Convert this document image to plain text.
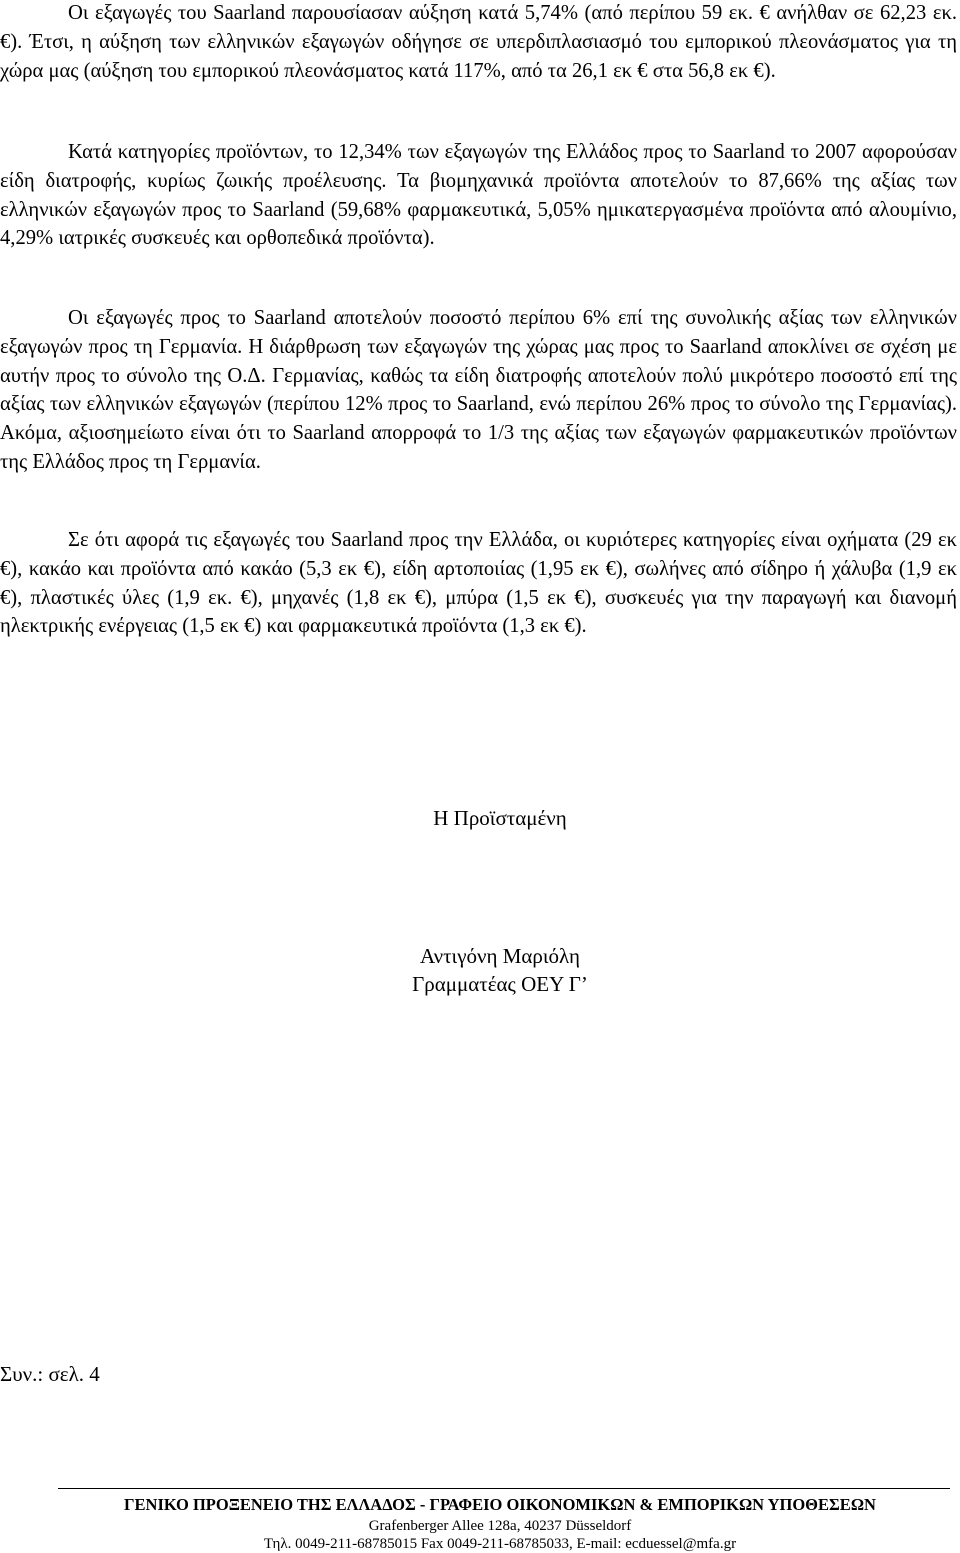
Οι εξαγωγές του Saarland παρουσίασαν αύξηση κατά 5,74% (από περίπου 59 εκ. € ανήλθαν σε 62,23 εκ. €). Έτσι, η αύξηση των ελληνικών εξαγωγών οδήγησε σε υπερδιπλασιασμό του εμπορικού πλεονάσματος για τη χώρα μας (αύξηση του εμπορικού πλεονάσματος κατά 117%, από τα 26,1 εκ € στα 56,8 εκ €).

Κατά κατηγορίες προϊόντων, το 12,34% των εξαγωγών της Ελλάδος προς το Saarland το 2007 αφορούσαν είδη διατροφής, κυρίως ζωικής προέλευσης. Τα βιομηχανικά προϊόντα αποτελούν το 87,66% της αξίας των ελληνικών εξαγωγών προς το Saarland (59,68% φαρμακευτικά, 5,05% ημικατεργασμένα προϊόντα από αλουμίνιο, 4,29% ιατρικές συσκευές και ορθοπεδικά προϊόντα).

Οι εξαγωγές προς το Saarland αποτελούν ποσοστό περίπου 6% επί της συνολικής αξίας των ελληνικών εξαγωγών προς τη Γερμανία. Η διάρθρωση των εξαγωγών της χώρας μας προς το Saarland αποκλίνει σε σχέση με αυτήν προς το σύνολο της Ο.Δ. Γερμανίας, καθώς τα είδη διατροφής αποτελούν πολύ μικρότερο ποσοστό επί της αξίας των ελληνικών εξαγωγών (περίπου 12% προς το Saarland, ενώ περίπου 26% προς το σύνολο της Γερμανίας). Ακόμα, αξιοσημείωτο είναι ότι το Saarland απορροφά το 1/3 της αξίας των εξαγωγών φαρμακευτικών προϊόντων της Ελλάδος προς τη Γερμανία.

Σε ότι αφορά τις εξαγωγές του Saarland προς την Ελλάδα, οι κυριότερες κατηγορίες είναι οχήματα (29 εκ €), κακάο και προϊόντα από κακάο (5,3 εκ €), είδη αρτοποιίας (1,95 εκ €), σωλήνες από σίδηρο ή χάλυβα (1,9 εκ €), πλαστικές ύλες (1,9 εκ. €), μηχανές (1,8 εκ €), μπύρα (1,5 εκ €), συσκευές για την παραγωγή και διανομή ηλεκτρικής ενέργειας (1,5 εκ €) και φαρμακευτικά προϊόντα (1,3 εκ €).

Η Προϊσταμένη

Αντιγόνη Μαριόλη

Γραμματέας ΟΕΥ Γ’

Συν.: σελ. 4

ΓΕΝΙΚΟ ΠΡΟΞΕΝΕΙΟ ΤΗΣ ΕΛΛΑΔΟΣ - ΓΡΑΦΕΙΟ ΟΙΚΟΝΟΜΙΚΩΝ & ΕΜΠΟΡΙΚΩΝ ΥΠΟΘΕΣΕΩΝ

Grafenberger Allee 128a, 40237 Düsseldorf

Τηλ. 0049-211-68785015 Fax 0049-211-68785033, E-mail: ecduessel@mfa.gr
